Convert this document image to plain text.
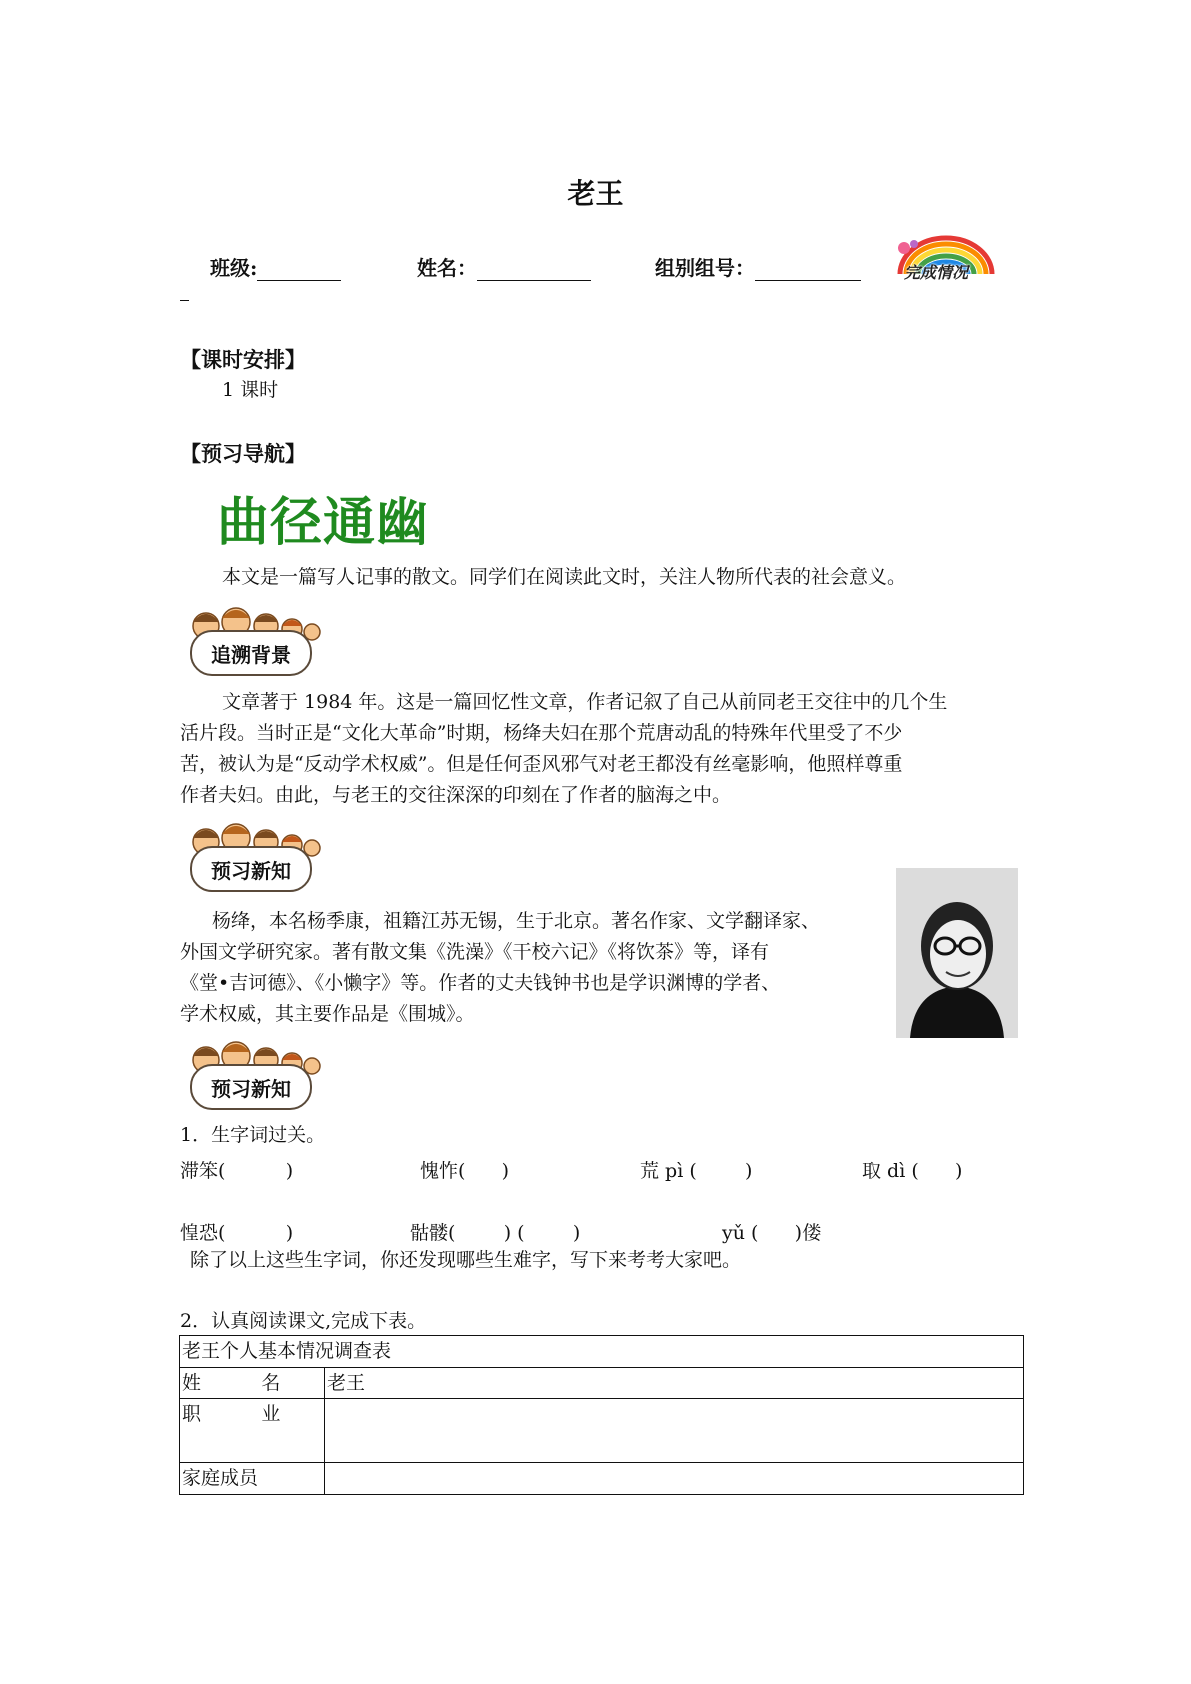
老王
班级:	姓名：	组别组号：	完成情况
【课时安排】
1 课时
【预习导航】
曲径通幽
本文是一篇写人记事的散文。同学们在阅读此文时，关注人物所代表的社会意义。
追溯背景
文章著于 1984 年。这是一篇回忆性文章，作者记叙了自己从前同老王交往中的几个生
活片段。当时正是“文化大革命”时期，杨绛夫妇在那个荒唐动乱的特殊年代里受了不少
苦，被认为是“反动学术权威”。但是任何歪风邪气对老王都没有丝毫影响，他照样尊重
作者夫妇。由此，与老王的交往深深的印刻在了作者的脑海之中。
预习新知
杨绛，本名杨季康，祖籍江苏无锡，生于北京。著名作家、文学翻译家、
外国文学研究家。著有散文集《洗澡》《干校六记》《将饮茶》等，译有
《堂•吉诃德》、《小懒字》等。作者的丈夫钱钟书也是学识渊博的学者、
学术权威，其主要作品是《围城》。
预习新知
1．生字词过关。
滞笨(          )	愧怍(      )	荒 pì (        )	取 dì (      )
惶恐(          )	骷髅(        ) (        )	yǔ (      )偻
除了以上这些生字词，你还发现哪些生难字，写下来考考大家吧。
2．认真阅读课文,完成下表。
老王个人基本情况调查表	
姓          名	老王
职          业	
家庭成员	
